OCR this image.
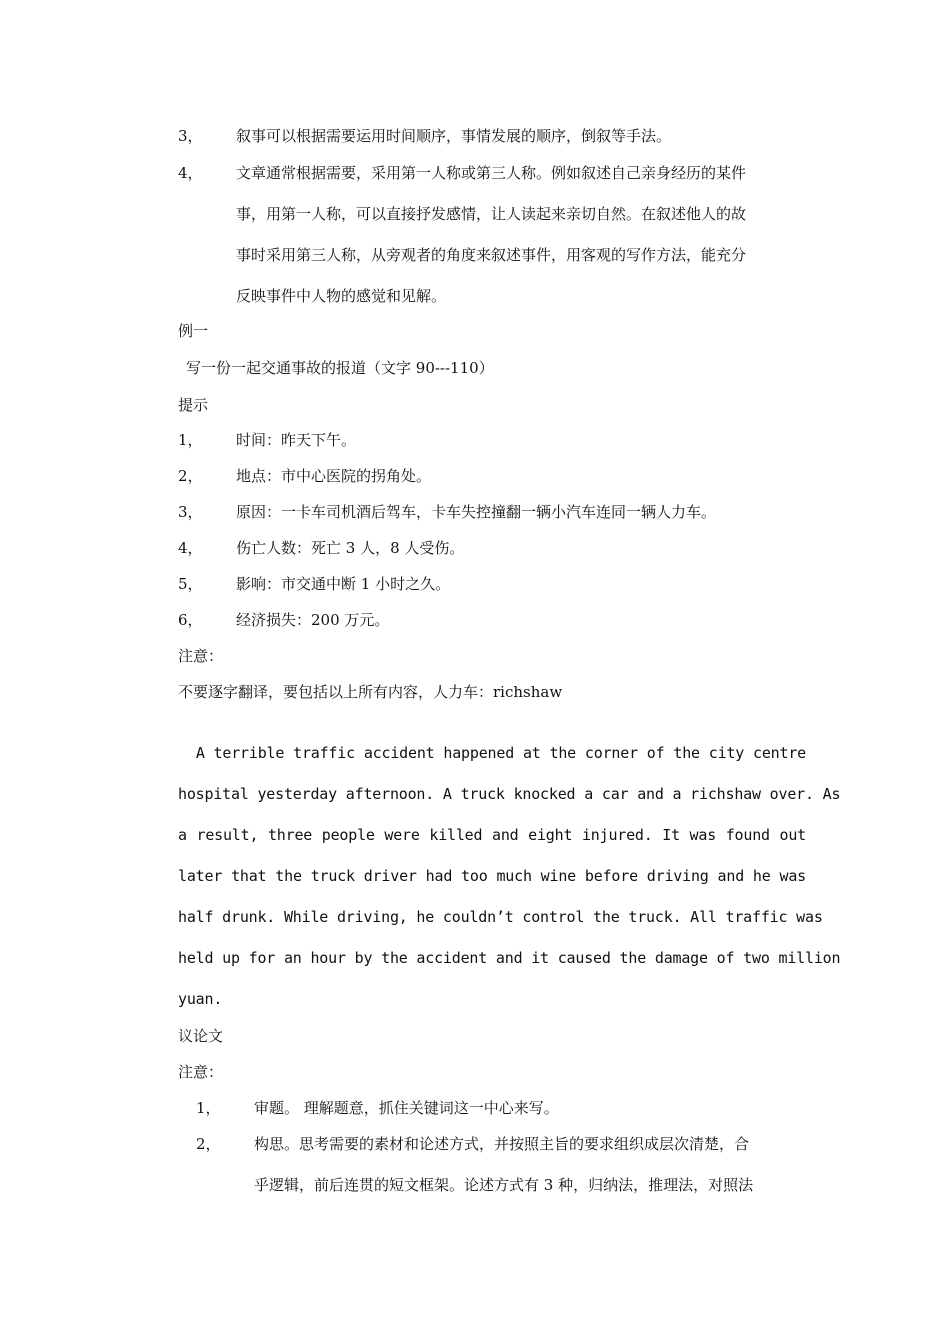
3， 叙事可以根据需要运用时间顺序，事情发展的顺序，倒叙等手法。
4， 文章通常根据需要，采用第一人称或第三人称。例如叙述自己亲身经历的某件
事，用第一人称，可以直接抒发感情，让人读起来亲切自然。在叙述他人的故
事时采用第三人称，从旁观者的角度来叙述事件，用客观的写作方法，能充分
反映事件中人物的感觉和见解。
例一
写一份一起交通事故的报道（文字 90---110）
提示
1， 时间：昨天下午。
2， 地点：市中心医院的拐角处。
3， 原因：一卡车司机酒后驾车，卡车失控撞翻一辆小汽车连同一辆人力车。
4， 伤亡人数：死亡 3 人，8 人受伤。
5， 影响：市交通中断 1 小时之久。
6， 经济损失：200 万元。
注意：
不要逐字翻译，要包括以上所有内容，人力车：richshaw
A terrible traffic accident happened at the corner of the city centre
hospital yesterday afternoon. A truck knocked a car and a richshaw over. As
a result, three people were killed and eight injured. It was found out
later that the truck driver had too much wine before driving and he was
half drunk. While driving, he couldn’t control the truck. All traffic was
held up for an hour by the accident and it caused the damage of two million
yuan.
议论文
注意：
1， 审题。 理解题意，抓住关键词这一中心来写。
2， 构思。思考需要的素材和论述方式，并按照主旨的要求组织成层次清楚，合
乎逻辑，前后连贯的短文框架。论述方式有 3 种，归纳法，推理法，对照法
